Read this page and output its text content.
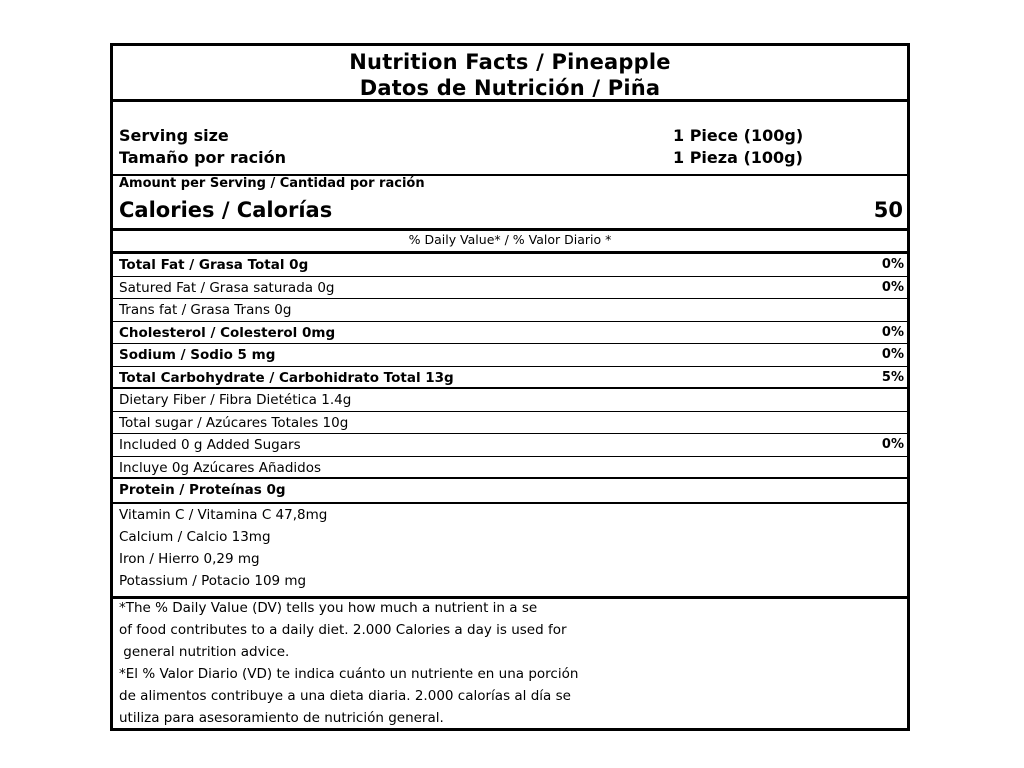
Nutrition Facts / Pineapple
Datos de Nutrición / Piña
Serving size	1 Piece (100g)
Tamaño por ración	1 Pieza (100g)
Amount per Serving / Cantidad por ración
Calories / Calorías	50
% Daily Value* / % Valor Diario *
Total Fat / Grasa Total 0g	0%
Satured Fat / Grasa saturada 0g	0%
Trans fat / Grasa Trans 0g
Cholesterol / Colesterol 0mg	0%
Sodium / Sodio 5 mg	0%
Total Carbohydrate / Carbohidrato Total 13g	5%
Dietary Fiber / Fibra Dietética 1.4g
Total sugar / Azúcares Totales 10g
Included 0 g Added Sugars	0%
Incluye 0g Azúcares Añadidos
Protein / Proteínas 0g
Vitamin C / Vitamina C 47,8mg
Calcium / Calcio 13mg
Iron / Hierro 0,29 mg
Potassium / Potacio 109 mg
*The % Daily Value (DV) tells you how much a nutrient in a se
of food contributes to a daily diet. 2.000 Calories a day is used for
general nutrition advice.
*El % Valor Diario (VD) te indica cuánto un nutriente en una porción
de alimentos contribuye a una dieta diaria. 2.000 calorías al día se
utiliza para asesoramiento de nutrición general.
